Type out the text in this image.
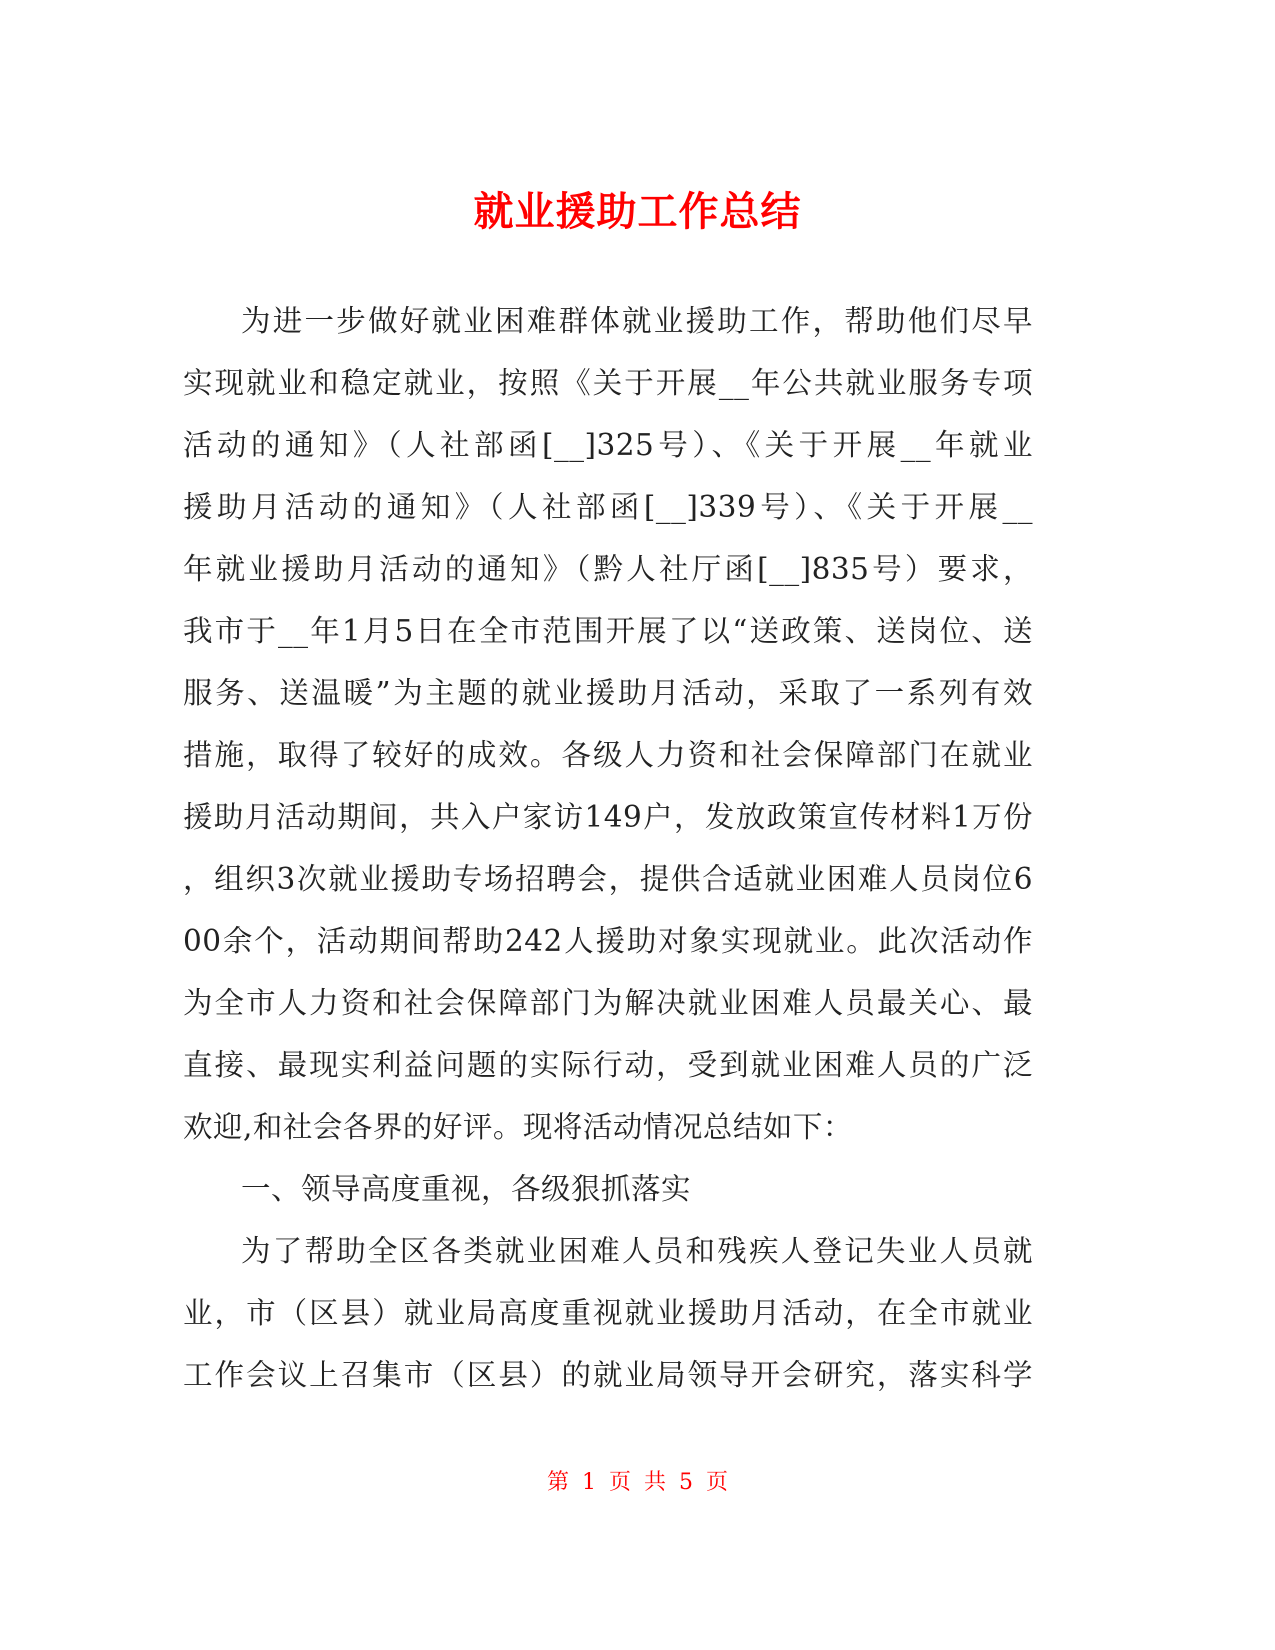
就业援助工作总结
为进一步做好就业困难群体就业援助工作，帮助他们尽早
实现就业和稳定就业，按照《关于开展__年公共就业服务专项
活动的通知》（人社部函[__]325号）、《关于开展__年就业
援助月活动的通知》（人社部函[__]339号）、《关于开展__
年就业援助月活动的通知》（黔人社厅函[__]835号）要求，
我市于__年1月5日在全市范围开展了以“送政策、送岗位、送
服务、送温暖”为主题的就业援助月活动，采取了一系列有效
措施，取得了较好的成效。各级人力资和社会保障部门在就业
援助月活动期间，共入户家访149户，发放政策宣传材料1万份
，组织3次就业援助专场招聘会，提供合适就业困难人员岗位6
00余个，活动期间帮助242人援助对象实现就业。此次活动作
为全市人力资和社会保障部门为解决就业困难人员最关心、最
直接、最现实利益问题的实际行动，受到就业困难人员的广泛
欢迎,和社会各界的好评。现将活动情况总结如下：
一、领导高度重视，各级狠抓落实
为了帮助全区各类就业困难人员和残疾人登记失业人员就
业，市（区县）就业局高度重视就业援助月活动，在全市就业
工作会议上召集市（区县）的就业局领导开会研究，落实科学
第 1 页 共 5 页
